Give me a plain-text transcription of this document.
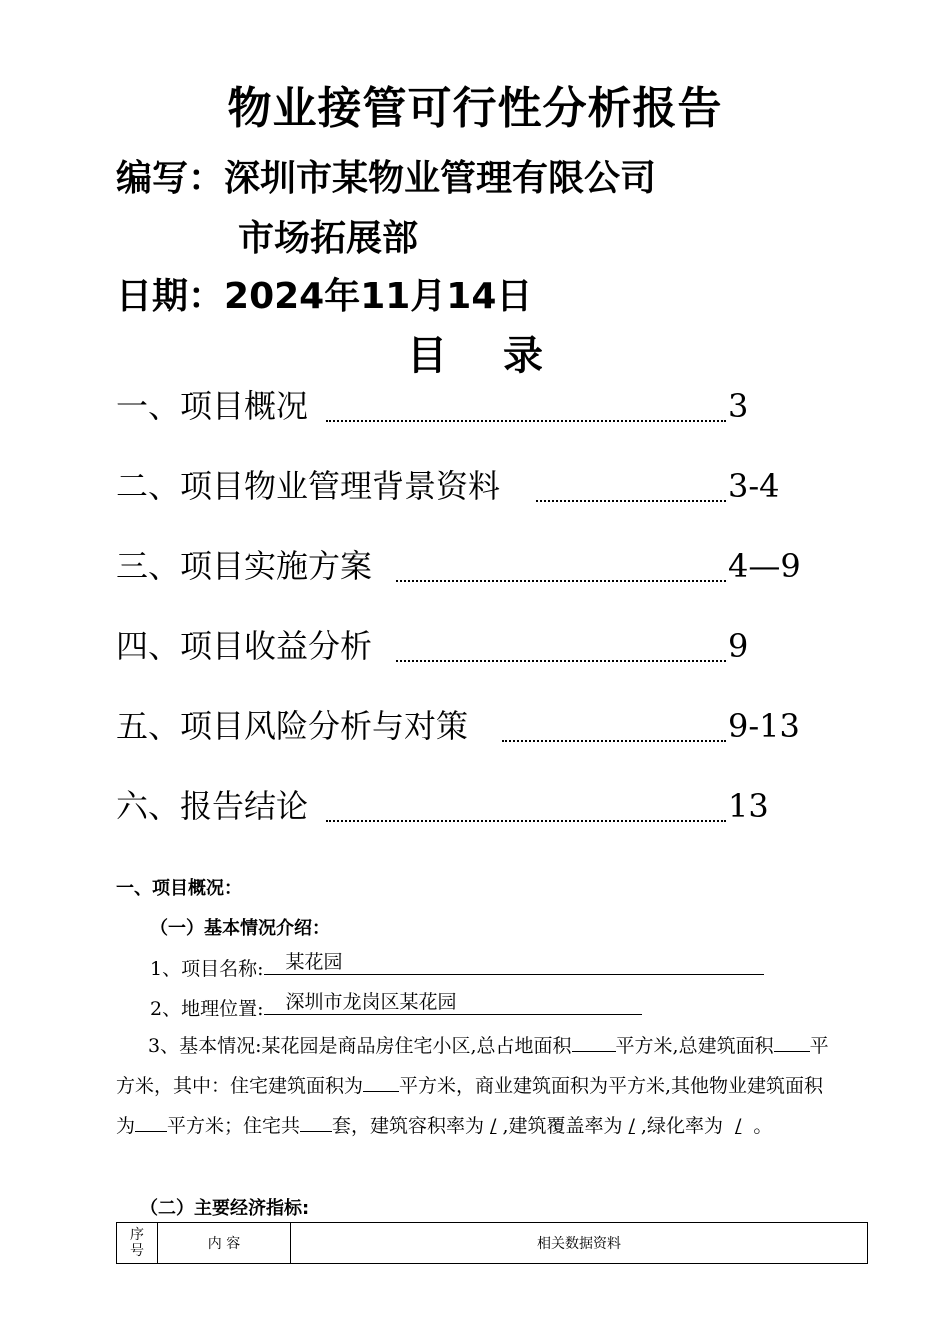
物业接管可行性分析报告
编写：深圳市某物业管理有限公司
市场拓展部
日期：2024年11月14日
目 录
一、项目概况	3
二、项目物业管理背景资料	3-4
三、项目实施方案	4—9
四、项目收益分析	9
五、项目风险分析与对策	9-13
六、报告结论	13
一、项目概况：
（一）基本情况介绍：
1、项目名称: 某花园
2、地理位置: 深圳市龙岗区某花园
3、基本情况:某花园是商品房住宅小区,总占地面积 平方米,总建筑面积 平方米，其中：住宅建筑面积为 平方米，商业建筑面积为平方米,其他物业建筑面积为 平方米；住宅共 套，建筑容积率为 / ,建筑覆盖率为 / ,绿化率为 / 。
（二）主要经济指标:
序号	内 容	相关数据资料
